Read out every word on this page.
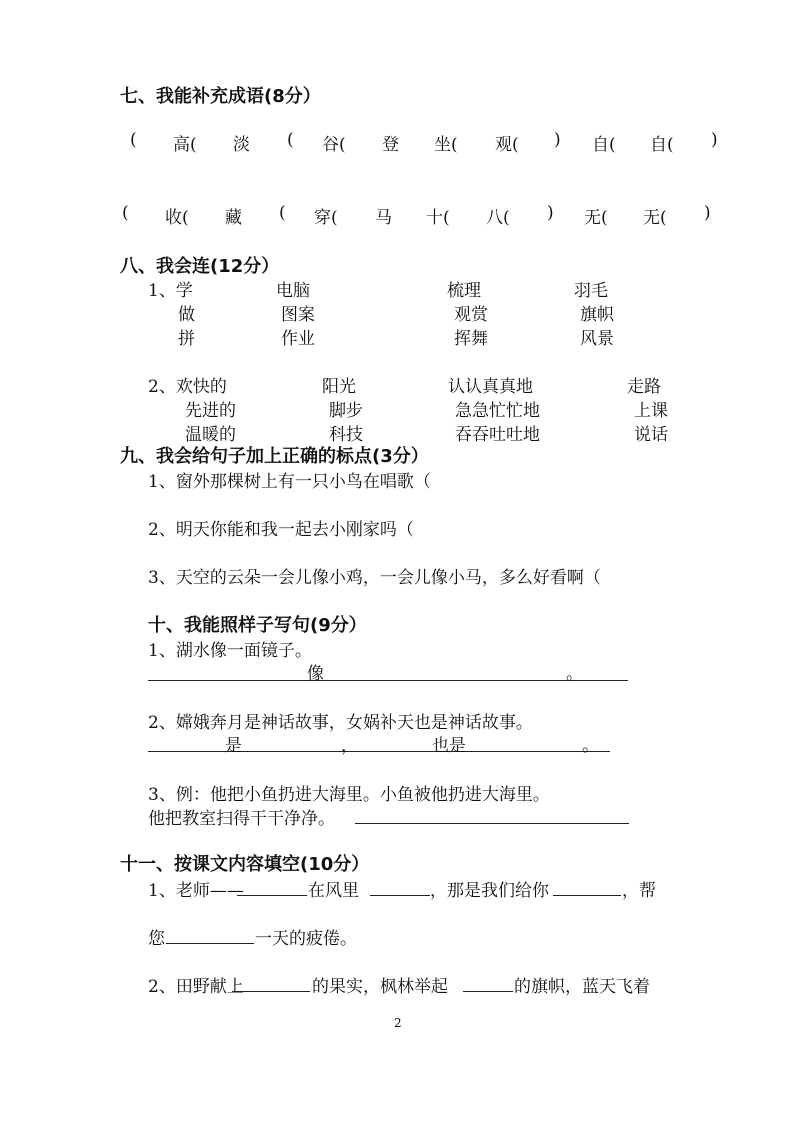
七、我能补充成语(8分）
( 高( 淡 ( 谷( 登 坐( 观( ) 自( 自( )
( 收( 藏 ( 穿( 马 十( 八( ) 无( 无( )
八、我会连(12分）
1、学	电脑	梳理	羽毛
做	图案	观赏	旗帜
拼	作业	挥舞	风景
2、欢快的	阳光	认认真真地	走路
先进的	脚步	急急忙忙地	上课
温暖的	科技	吞吞吐吐地	说话
九、我会给句子加上正确的标点(3分）
1、窗外那棵树上有一只小鸟在唱歌（
2、明天你能和我一起去小刚家吗（
3、天空的云朵一会儿像小鸡，一会儿像小马，多么好看啊（
十、我能照样子写句(9分）
1、湖水像一面镜子。
像	。
2、嫦娥奔月是神话故事，女娲补天也是神话故事。
是	，	也是	。
3、例：他把小鱼扔进大海里。小鱼被他扔进大海里。
他把教室扫得干干净净。
十一、按课文内容填空(10分）
1、老师——	在风里	，那是我们给你	，帮
您	一天的疲倦。
2、田野献上	的果实，枫林举起	的旗帜，蓝天飞着
2
